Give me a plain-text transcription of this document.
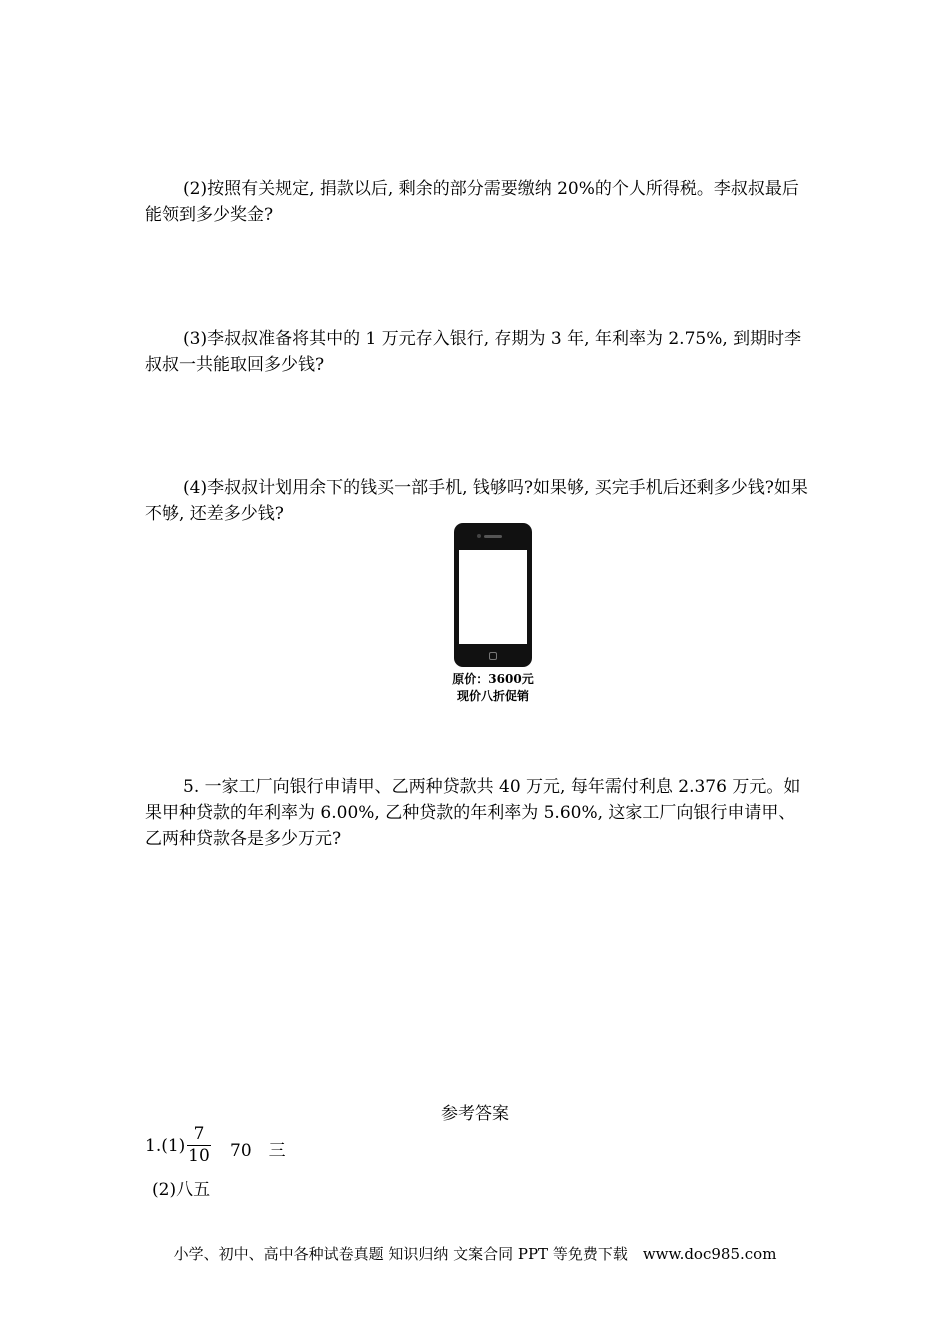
(2)按照有关规定, 捐款以后, 剩余的部分需要缴纳 20%的个人所得税。李叔叔最后能领到多少奖金?

(3)李叔叔准备将其中的 1 万元存入银行, 存期为 3 年, 年利率为 2.75%, 到期时李叔叔一共能取回多少钱?

(4)李叔叔计划用余下的钱买一部手机, 钱够吗?如果够, 买完手机后还剩多少钱?如果不够, 还差多少钱?

原价：3600元
现价八折促销

5. 一家工厂向银行申请甲、乙两种贷款共 40 万元, 每年需付利息 2.376 万元。如果甲种贷款的年利率为 6.00%, 乙种贷款的年利率为 5.60%, 这家工厂向银行申请甲、乙两种贷款各是多少万元?

参考答案
$1.(1) \frac{7}{10} 70$　三
(2)八五
小学、初中、高中各种试卷真题 知识归纳 文案合同 PPT 等免费下载　www.doc985.com
